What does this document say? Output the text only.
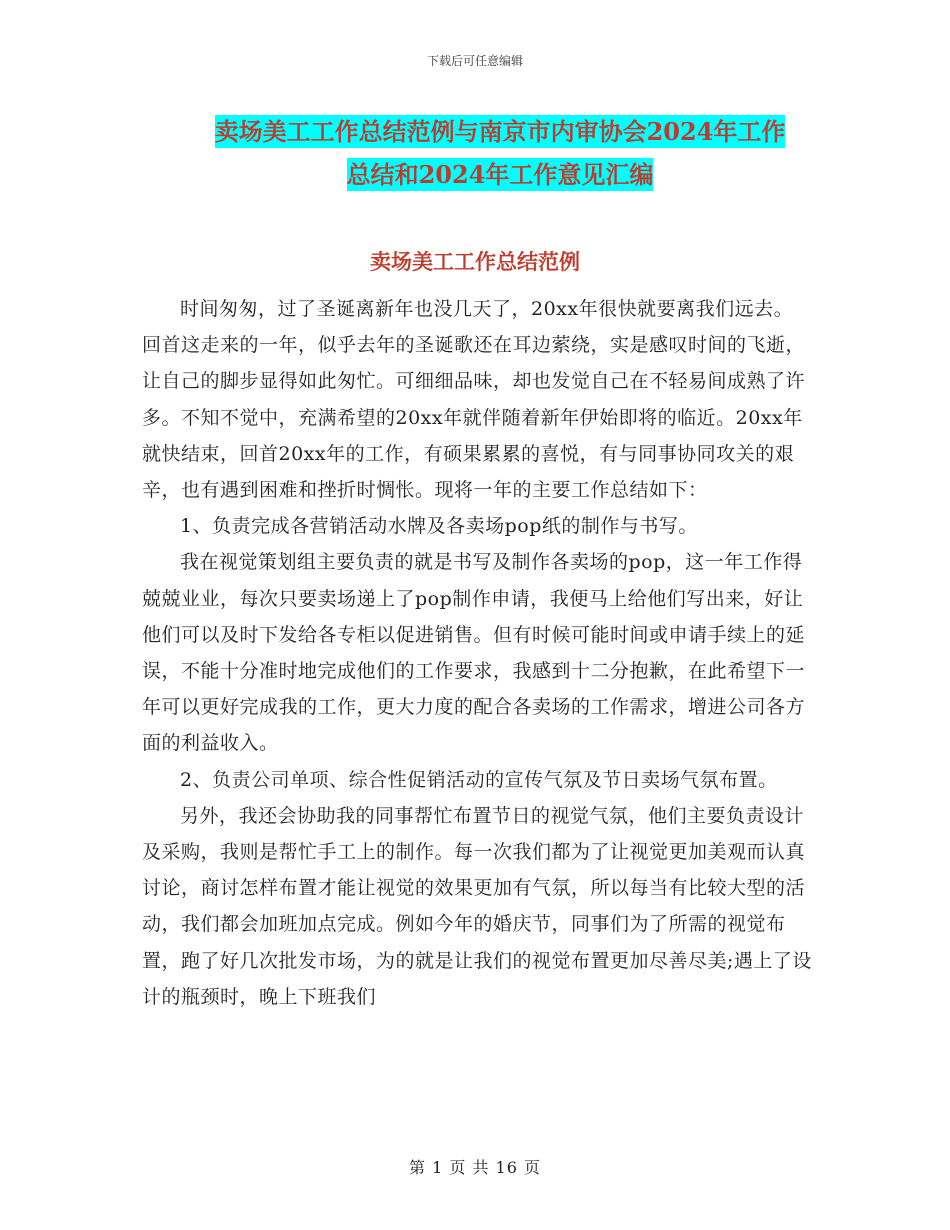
下载后可任意编辑
卖场美工工作总结范例与南京市内审协会2024年工作
总结和2024年工作意见汇编
卖场美工工作总结范例

时间匆匆，过了圣诞离新年也没几天了，20xx年很快就要离我们远去。回首这走来的一年，似乎去年的圣诞歌还在耳边萦绕，实是感叹时间的飞逝，让自己的脚步显得如此匆忙。可细细品味，却也发觉自己在不轻易间成熟了许多。不知不觉中，充满希望的20xx年就伴随着新年伊始即将的临近。20xx年就快结束，回首20xx年的工作，有硕果累累的喜悦，有与同事协同攻关的艰辛，也有遇到困难和挫折时惆怅。现将一年的主要工作总结如下：

1、负责完成各营销活动水牌及各卖场pop纸的制作与书写。

我在视觉策划组主要负责的就是书写及制作各卖场的pop，这一年工作得兢兢业业，每次只要卖场递上了pop制作申请，我便马上给他们写出来，好让他们可以及时下发给各专柜以促进销售。但有时候可能时间或申请手续上的延误，不能十分准时地完成他们的工作要求，我感到十二分抱歉，在此希望下一年可以更好完成我的工作，更大力度的配合各卖场的工作需求，增进公司各方面的利益收入。

2、负责公司单项、综合性促销活动的宣传气氛及节日卖场气氛布置。

另外，我还会协助我的同事帮忙布置节日的视觉气氛，他们主要负责设计及采购，我则是帮忙手工上的制作。每一次我们都为了让视觉更加美观而认真讨论，商讨怎样布置才能让视觉的效果更加有气氛，所以每当有比较大型的活动，我们都会加班加点完成。例如今年的婚庆节，同事们为了所需的视觉布置，跑了好几次批发市场，为的就是让我们的视觉布置更加尽善尽美;遇上了设计的瓶颈时，晚上下班我们

第 1 页 共 16 页
